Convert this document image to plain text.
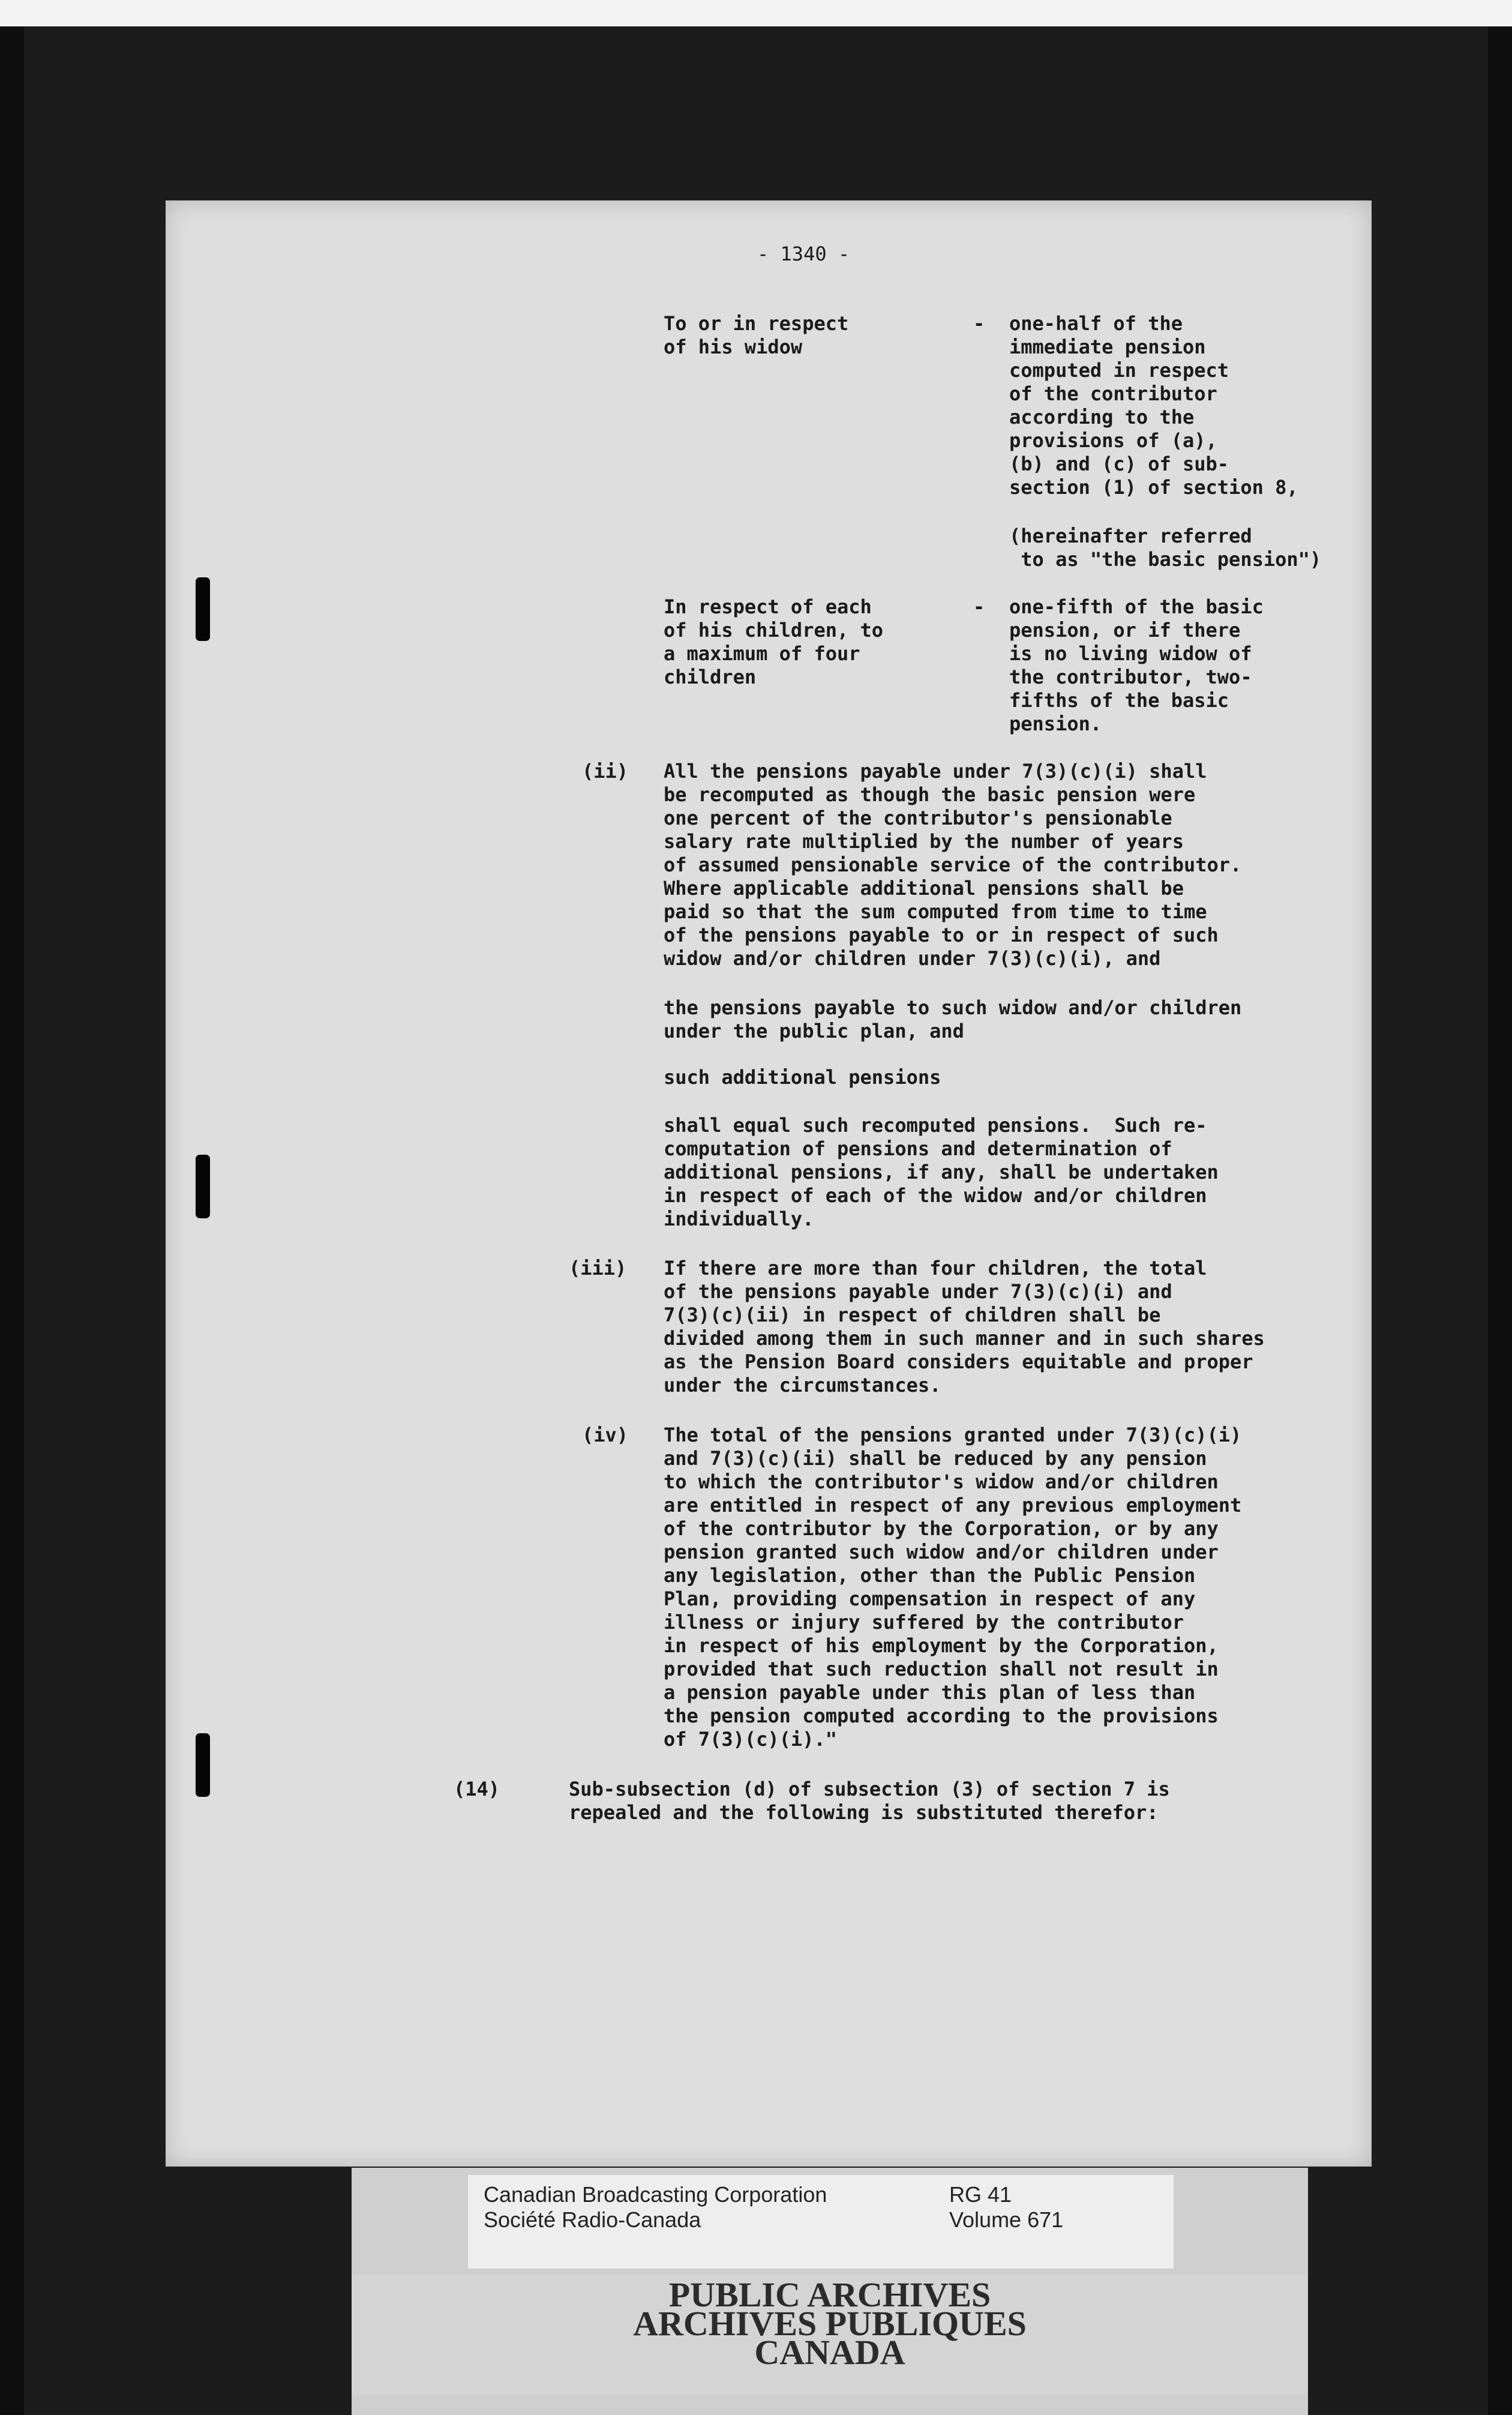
- 1340 -
To or in respect
of his widow
- one-half of the
immediate pension
computed in respect
of the contributor
according to the
provisions of (a),
(b) and (c) of sub-
section (1) of section 8,
(hereinafter referred
to as "the basic pension")
In respect of each
of his children, to
a maximum of four
children
- one-fifth of the basic
pension, or if there
is no living widow of
the contributor, two-
fifths of the basic
pension.
(ii) All the pensions payable under 7(3)(c)(i) shall
be recomputed as though the basic pension were
one percent of the contributor's pensionable
salary rate multiplied by the number of years
of assumed pensionable service of the contributor.
Where applicable additional pensions shall be
paid so that the sum computed from time to time
of the pensions payable to or in respect of such
widow and/or children under 7(3)(c)(i), and
the pensions payable to such widow and/or children
under the public plan, and
such additional pensions
shall equal such recomputed pensions.  Such re-
computation of pensions and determination of
additional pensions, if any, shall be undertaken
in respect of each of the widow and/or children
individually.
(iii) If there are more than four children, the total
of the pensions payable under 7(3)(c)(i) and
7(3)(c)(ii) in respect of children shall be
divided among them in such manner and in such shares
as the Pension Board considers equitable and proper
under the circumstances.
(iv) The total of the pensions granted under 7(3)(c)(i)
and 7(3)(c)(ii) shall be reduced by any pension
to which the contributor's widow and/or children
are entitled in respect of any previous employment
of the contributor by the Corporation, or by any
pension granted such widow and/or children under
any legislation, other than the Public Pension
Plan, providing compensation in respect of any
illness or injury suffered by the contributor
in respect of his employment by the Corporation,
provided that such reduction shall not result in
a pension payable under this plan of less than
the pension computed according to the provisions
of 7(3)(c)(i)."
(14)	Sub-subsection (d) of subsection (3) of section 7 is
repealed and the following is substituted therefor:
Canadian Broadcasting Corporation
Société Radio-Canada
RG 41
Volume 671
PUBLIC ARCHIVES
ARCHIVES PUBLIQUES
CANADA
